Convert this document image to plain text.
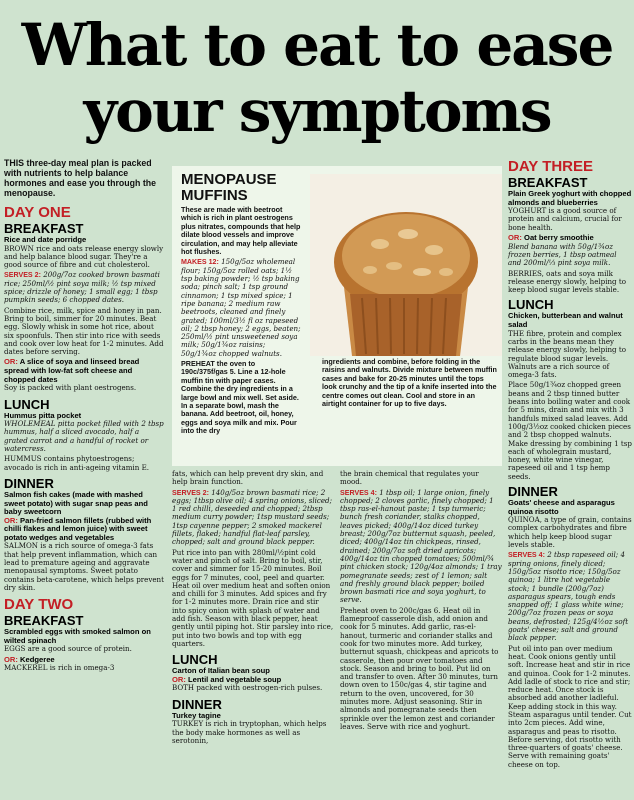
What to eat to ease
your symptoms

THIS three-day meal plan is packed with nutrients to help balance hormones and ease you through the menopause.

DAY ONE
BREAKFAST
Rice and date porridge

BROWN rice and oats release energy slowly and help balance blood sugar. They're a good source of fibre and cut cholesterol.

SERVES 2: 200g/7oz cooked brown basmati rice; 250ml/½ pint soya milk; ½ tsp mixed spice; drizzle of honey; 1 small egg; 1 tbsp pumpkin seeds; 6 chopped dates.

Combine rice, milk, spice and honey in pan. Bring to boil, simmer for 20 minutes. Beat egg. Slowly whisk in some hot rice, about six spoonfuls. Then stir into rice with seeds and cook over low heat for 1-2 minutes. Add dates before serving.

OR: A slice of soya and linseed bread spread with low-fat soft cheese and chopped dates

Soy is packed with plant oestrogens.

LUNCH
Hummus pitta pocket

WHOLEMEAL pitta pocket filled with 2 tbsp hummus, half a sliced avocado, half a grated carrot and a handful of rocket or watercress.

HUMMUS contains phytoestrogens; avocado is rich in anti-ageing vitamin E.

DINNER
Salmon fish cakes (made with mashed sweet potato) with sugar snap peas and baby sweetcorn
OR: Pan-fried salmon fillets (rubbed with chilli flakes and lemon juice) with sweet potato wedges and vegetables

SALMON is a rich source of omega-3 fats that help prevent inflammation, which can lead to premature ageing and aggravate menopausal symptoms. Sweet potato contains beta-carotene, which helps prevent dry skin.

DAY TWO
BREAKFAST
Scrambled eggs with smoked salmon on wilted spinach

EGGS are a good source of protein.

OR: Kedgeree

MACKEREL is rich in omega-3

MENOPAUSE MUFFINS

These are made with beetroot which is rich in plant oestrogens plus nitrates, compounds that help dilate blood vessels and improve circulation, and may help alleviate hot flushes.

MAKES 12: 150g/5oz wholemeal flour; 150g/5oz rolled oats; 1½ tsp baking powder; ½ tsp baking soda; pinch salt; 1 tsp ground cinnamon; 1 tsp mixed spice; 1 ripe banana; 2 medium raw beetroots, cleaned and finely grated; 100ml/3½ fl oz rapeseed oil; 2 tbsp honey; 2 eggs, beaten; 250ml/½ pint unsweetened soya milk; 50g/1¾oz raisins; 50g/1¾oz chopped walnuts.

PREHEAT the oven to 190c/375f/gas 5. Line a 12-hole muffin tin with paper cases. Combine the dry ingredients in a large bowl and mix well. Set aside. In a separate bowl, mash the banana. Add beetroot, oil, honey, eggs and soya milk and mix. Pour into the dry

ingredients and combine, before folding in the raisins and walnuts. Divide mixture between muffin cases and bake for 20-25 minutes until the tops look crunchy and the tip of a knife inserted into the centre comes out clean. Cool and store in an airtight container for up to five days.

fats, which can help prevent dry skin, and help brain function.

SERVES 2: 140g/5oz brown basmati rice; 2 eggs; 1tbsp olive oil; 4 spring onions, sliced; 1 red chilli, deseeded and chopped; 2tbsp medium curry powder; 1tsp mustard seeds; 1tsp cayenne pepper; 2 smoked mackerel fillets, flaked; handful flat-leaf parsley, chopped; salt and ground black pepper.

Put rice into pan with 280ml/½pint cold water and pinch of salt. Bring to boil, stir, cover and simmer for 15-20 minutes. Boil eggs for 7 minutes, cool, peel and quarter. Heat oil over medium heat and soften onion and chilli for 3 minutes. Add spices and fry for 1-2 minutes more. Drain rice and stir into spicy onion with splash of water and add fish. Season with black pepper, heat gently until piping hot. Stir parsley into rice, put into two bowls and top with egg quarters.

LUNCH
Carton of Italian bean soup
OR: Lentil and vegetable soup

BOTH packed with oestrogen-rich pulses.

DINNER
Turkey tagine

TURKEY is rich in tryptophan, which helps the body make hormones as well as serotonin,

the brain chemical that regulates your mood.

SERVES 4: 1 tbsp oil; 1 large onion, finely chopped; 2 cloves garlic, finely chopped; 1 tbsp ras-el-hanout paste; 1 tsp turmeric; bunch fresh coriander, stalks chopped, leaves picked; 400g/14oz diced turkey breast; 200g/7oz butternut squash, peeled, diced; 400g/14oz tin chickpeas, rinsed, drained; 200g/7oz soft dried apricots; 400g/14oz tin chopped tomatoes; 500ml/¾ pint chicken stock; 120g/4oz almonds; 1 tray pomegranate seeds; zest of 1 lemon; salt and freshly ground black pepper; boiled brown basmati rice and soya yoghurt, to serve.

Preheat oven to 200c/gas 6. Heat oil in flameproof casserole dish, add onion and cook for 5 minutes. Add garlic, ras-el-hanout, turmeric and coriander stalks and cook for two minutes more. Add turkey, butternut squash, chickpeas and apricots to casserole, then pour over tomatoes and stock. Season and bring to boil. Put lid on and transfer to oven. After 30 minutes, turn down oven to 150c/gas 4, stir tagine and return to the oven, uncovered, for 30 minutes more. Adjust seasoning. Stir in almonds and pomegranate seeds then sprinkle over the lemon zest and coriander leaves. Serve with rice and yoghurt.

DAY THREE
BREAKFAST
Plain Greek yoghurt with chopped almonds and blueberries

YOGHURT is a good source of protein and calcium, crucial for bone health.

OR: Oat berry smoothie

Blend banana with 50g/1¾oz frozen berries, 1 tbsp oatmeal and 200ml/⅓ pint soya milk.

BERRIES, oats and soya milk release energy slowly, helping to keep blood sugar levels stable.

LUNCH
Chicken, butterbean and walnut salad

THE fibre, protein and complex carbs in the beans mean they release energy slowly, helping to regulate blood sugar levels. Walnuts are a rich source of omega-3 fats.

Place 50g/1¾oz chopped green beans and 2 tbsp tinned butter beans into boiling water and cook for 5 mins, drain and mix with 3 handfuls mixed salad leaves. Add 100g/3½oz cooked chicken pieces and 2 tbsp chopped walnuts. Make dressing by combining 1 tsp each of wholegrain mustard, honey, white wine vinegar, rapeseed oil and 1 tsp hemp seeds.

DINNER
Goats' cheese and asparagus quinoa risotto

QUINOA, a type of grain, contains complex carbohydrates and fibre which help keep blood sugar levels stable.

SERVES 4: 2 tbsp rapeseed oil; 4 spring onions, finely diced; 150g/5oz risotto rice; 150g/5oz quinoa; 1 litre hot vegetable stock; 1 bundle (200g/7oz) asparagus spears, tough ends snapped off; 1 glass white wine; 200g/7oz frozen peas or soya beans, defrosted; 125g/4½oz soft goats' cheese; salt and ground black pepper.

Put oil into pan over medium heat. Cook onions gently until soft. Increase heat and stir in rice and quinoa. Cook for 1-2 minutes. Add ladle of stock to rice and stir; reduce heat. Once stock is absorbed add another ladleful. Keep adding stock in this way. Steam asparagus until tender. Cut into 2cm pieces. Add wine, asparagus and peas to risotto. Before serving, dot risotto with three-quarters of goats' cheese. Serve with remaining goats' cheese on top.
